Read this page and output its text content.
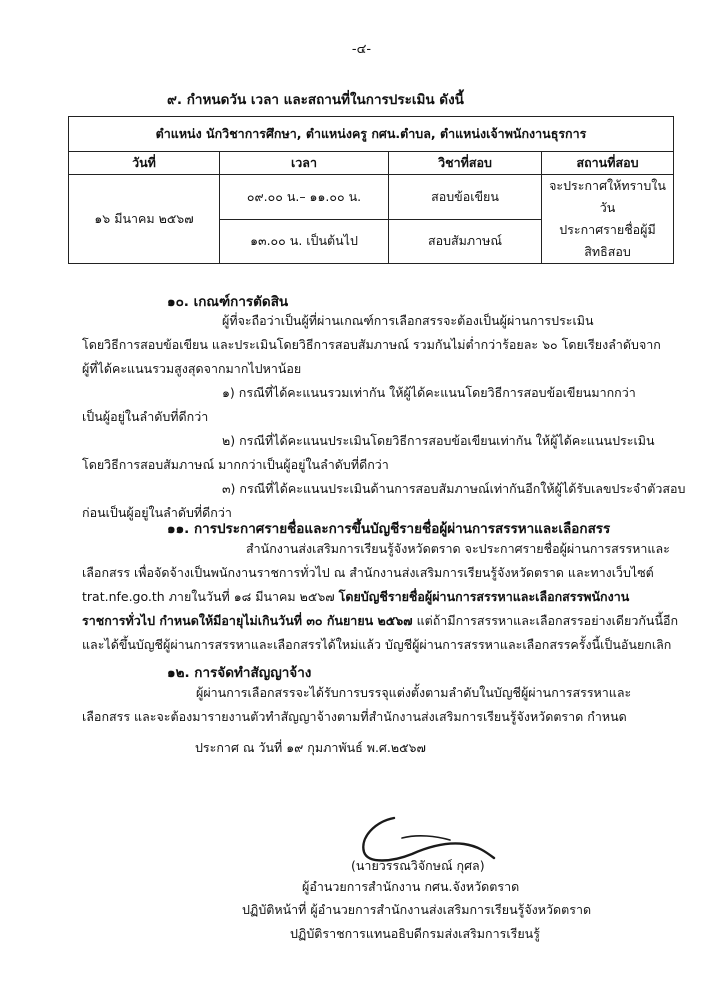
-๔-
๙. กำหนดวัน เวลา และสถานที่ในการประเมิน ดังนี้
ตำแหน่ง นักวิชาการศึกษา, ตำแหน่งครู กศน.ตำบล, ตำแหน่งเจ้าพนักงานธุรการ			
วันที่	เวลา	วิชาที่สอบ	สถานที่สอบ
๑๖ มีนาคม ๒๕๖๗	๐๙.๐๐ น.– ๑๑.๐๐ น.	สอบข้อเขียน	จะประกาศให้ทราบในวัน
ประกาศรายชื่อผู้มีสิทธิสอบ

	๑๓.๐๐ น. เป็นต้นไป	สอบสัมภาษณ์	
๑๐. เกณฑ์การตัดสิน
ผู้ที่จะถือว่าเป็นผู้ที่ผ่านเกณฑ์การเลือกสรรจะต้องเป็นผู้ผ่านการประเมิน
โดยวิธีการสอบข้อเขียน และประเมินโดยวิธีการสอบสัมภาษณ์ รวมกันไม่ต่ำกว่าร้อยละ ๖๐ โดยเรียงลำดับจาก
ผู้ที่ได้คะแนนรวมสูงสุดจากมากไปหาน้อย
๑) กรณีที่ได้คะแนนรวมเท่ากัน ให้ผู้ได้คะแนนโดยวิธีการสอบข้อเขียนมากกว่า
เป็นผู้อยู่ในลำดับที่ดีกว่า
๒) กรณีที่ได้คะแนนประเมินโดยวิธีการสอบข้อเขียนเท่ากัน ให้ผู้ได้คะแนนประเมิน
โดยวิธีการสอบสัมภาษณ์ มากกว่าเป็นผู้อยู่ในลำดับที่ดีกว่า
๓) กรณีที่ได้คะแนนประเมินด้านการสอบสัมภาษณ์เท่ากันอีกให้ผู้ได้รับเลขประจำตัวสอบ
ก่อนเป็นผู้อยู่ในลำดับที่ดีกว่า
๑๑. การประกาศรายชื่อและการขึ้นบัญชีรายชื่อผู้ผ่านการสรรหาและเลือกสรร
สำนักงานส่งเสริมการเรียนรู้จังหวัดตราด จะประกาศรายชื่อผู้ผ่านการสรรหาและ
เลือกสรร เพื่อจัดจ้างเป็นพนักงานราชการทั่วไป ณ สำนักงานส่งเสริมการเรียนรู้จังหวัดตราด และทางเว็บไซต์
trat.nfe.go.th ภายในวันที่ ๑๘ มีนาคม ๒๕๖๗ โดยบัญชีรายชื่อผู้ผ่านการสรรหาและเลือกสรรพนักงาน
ราชการทั่วไป กำหนดให้มีอายุไม่เกินวันที่ ๓๐ กันยายน ๒๕๖๗ แต่ถ้ามีการสรรหาและเลือกสรรอย่างเดียวกันนี้อีก
และได้ขึ้นบัญชีผู้ผ่านการสรรหาและเลือกสรรได้ใหม่แล้ว บัญชีผู้ผ่านการสรรหาและเลือกสรรครั้งนี้เป็นอันยกเลิก
๑๒. การจัดทำสัญญาจ้าง
ผู้ผ่านการเลือกสรรจะได้รับการบรรจุแต่งตั้งตามลำดับในบัญชีผู้ผ่านการสรรหาและ
เลือกสรร และจะต้องมารายงานตัวทำสัญญาจ้างตามที่สำนักงานส่งเสริมการเรียนรู้จังหวัดตราด กำหนด
ประกาศ ณ วันที่ ๑๙ กุมภาพันธ์ พ.ศ.๒๕๖๗
(นายวรรณวิจักษณ์ กุศล)
ผู้อำนวยการสำนักงาน กศน.จังหวัดตราด
ปฏิบัติหน้าที่ ผู้อำนวยการสำนักงานส่งเสริมการเรียนรู้จังหวัดตราด
ปฏิบัติราชการแทนอธิบดีกรมส่งเสริมการเรียนรู้
